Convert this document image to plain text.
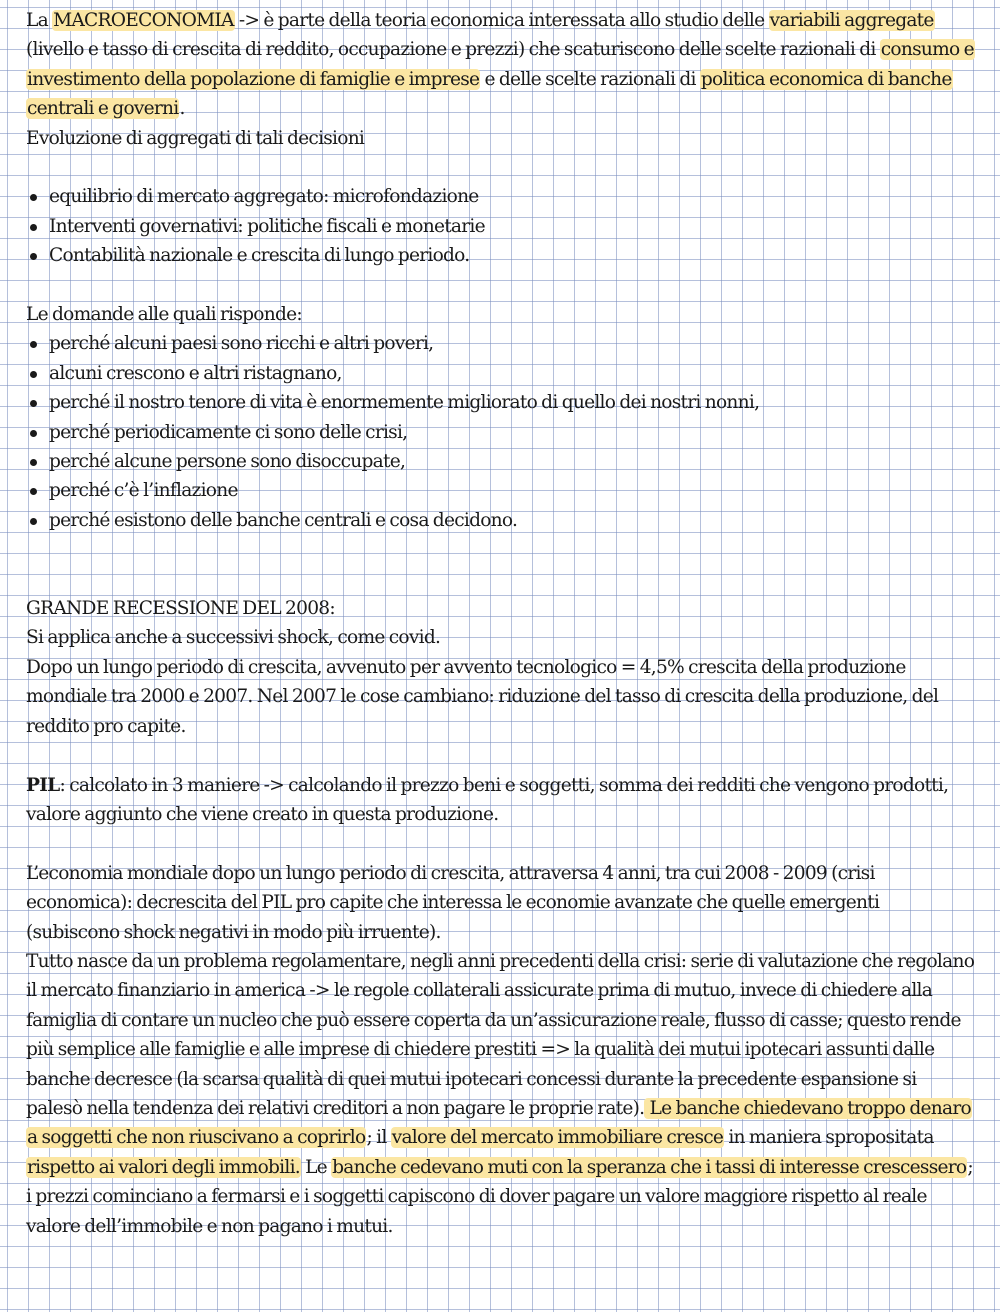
La MACROECONOMIA -> è parte della teoria economica interessata allo studio delle variabili aggregate (livello e tasso di crescita di reddito, occupazione e prezzi) che scaturiscono delle scelte razionali di consumo e investimento della popolazione di famiglie e imprese e delle scelte razionali di politica economica di banche centrali e governi.

Evoluzione di aggregati di tali decisioni

equilibrio di mercato aggregato: microfondazione
Interventi governativi: politiche fiscali e monetarie
Contabilità nazionale e crescita di lungo periodo.

Le domande alle quali risponde:

perché alcuni paesi sono ricchi e altri poveri,
alcuni crescono e altri ristagnano,
perché il nostro tenore di vita è enormemente migliorato di quello dei nostri nonni,
perché periodicamente ci sono delle crisi,
perché alcune persone sono disoccupate,
perché c’è l’inflazione
perché esistono delle banche centrali e cosa decidono.

GRANDE RECESSIONE DEL 2008:

Si applica anche a successivi shock, come covid.

Dopo un lungo periodo di crescita, avvenuto per avvento tecnologico = 4,5% crescita della produzione mondiale tra 2000 e 2007. Nel 2007 le cose cambiano: riduzione del tasso di crescita della produzione, del reddito pro capite.

PIL: calcolato in 3 maniere -> calcolando il prezzo beni e soggetti, somma dei redditi che vengono prodotti, valore aggiunto che viene creato in questa produzione.

L’economia mondiale dopo un lungo periodo di crescita, attraversa 4 anni, tra cui 2008 - 2009 (crisi economica): decrescita del PIL pro capite che interessa le economie avanzate che quelle emergenti (subiscono shock negativi in modo più irruente).

Tutto nasce da un problema regolamentare, negli anni precedenti della crisi: serie di valutazione che regolano il mercato finanziario in america -> le regole collaterali assicurate prima di mutuo, invece di chiedere alla famiglia di contare un nucleo che può essere coperta da un’assicurazione reale, flusso di casse; questo rende più semplice alle famiglie e alle imprese di chiedere prestiti => la qualità dei mutui ipotecari assunti dalle banche decresce (la scarsa qualità di quei mutui ipotecari concessi durante la precedente espansione si palesò nella tendenza dei relativi creditori a non pagare le proprie rate). Le banche chiedevano troppo denaro a soggetti che non riuscivano a coprirlo; il valore del mercato immobiliare cresce in maniera spropositata rispetto ai valori degli immobili. Le banche cedevano muti con la speranza che i tassi di interesse crescessero; i prezzi cominciano a fermarsi e i soggetti capiscono di dover pagare un valore maggiore rispetto al reale valore dell’immobile e non pagano i mutui.
